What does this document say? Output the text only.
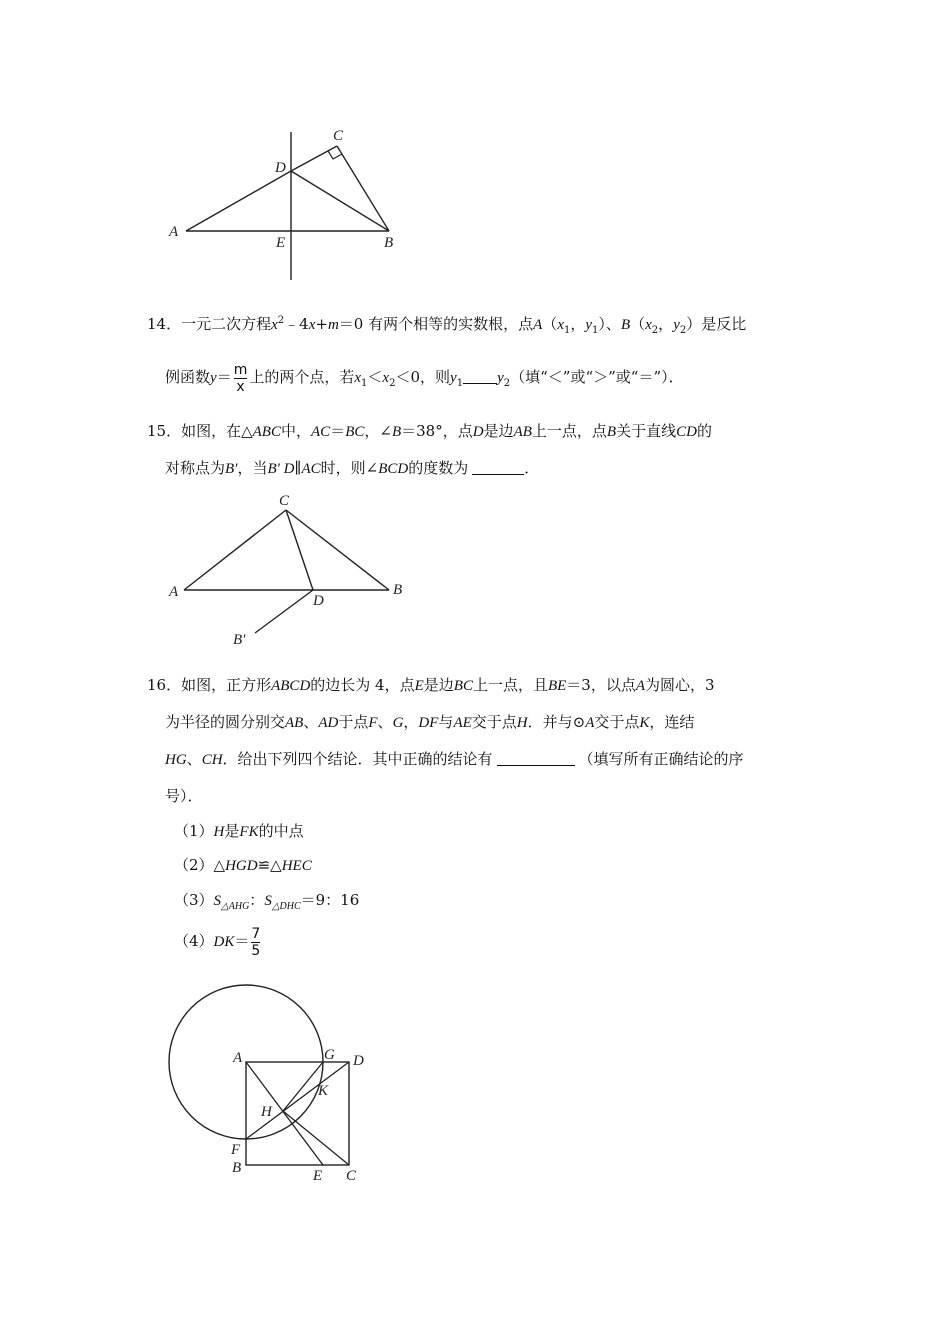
A
B
C
D
E
14．一元二次方程$x^2﹣4x+m=0$ 有两个相等的实数根，点$A(x_1$，$y_1$）、$B(x_2$，$y_2$）是反比
例函数$y= \frac{m}{x}$ 上的两个点，若$x_1<x_2<0$，则$y_1$ $y_2$（填“＜”或“＞”或“＝”）．
15．如图，在△ABC中，AC＝BC，∠B＝38°，点D是边AB上一点，点B关于直线CD的
对称点为B′，当B′ D∥AC时，则∠BCD的度数为	．
A	B
C
D
B′
16．如图，正方形ABCD的边长为 4，点E是边BC上一点，且BE＝3，以点A为圆心，3
为半径的圆分别交AB、AD于点F、G，DF与AE交于点H．并与⊙A交于点K，连结
HG、CH．给出下列四个结论．其中正确的结论有	（填写所有正确结论的序
号）．
（1）H是FK的中点
（2）△HGD≌△HEC
$(3)S_{\triangle AHG}$：$S_{\triangle DHC}=9$：16
$(4)DK= \frac{7}{5}$
A
B	C
D
E
F
G
H
K
